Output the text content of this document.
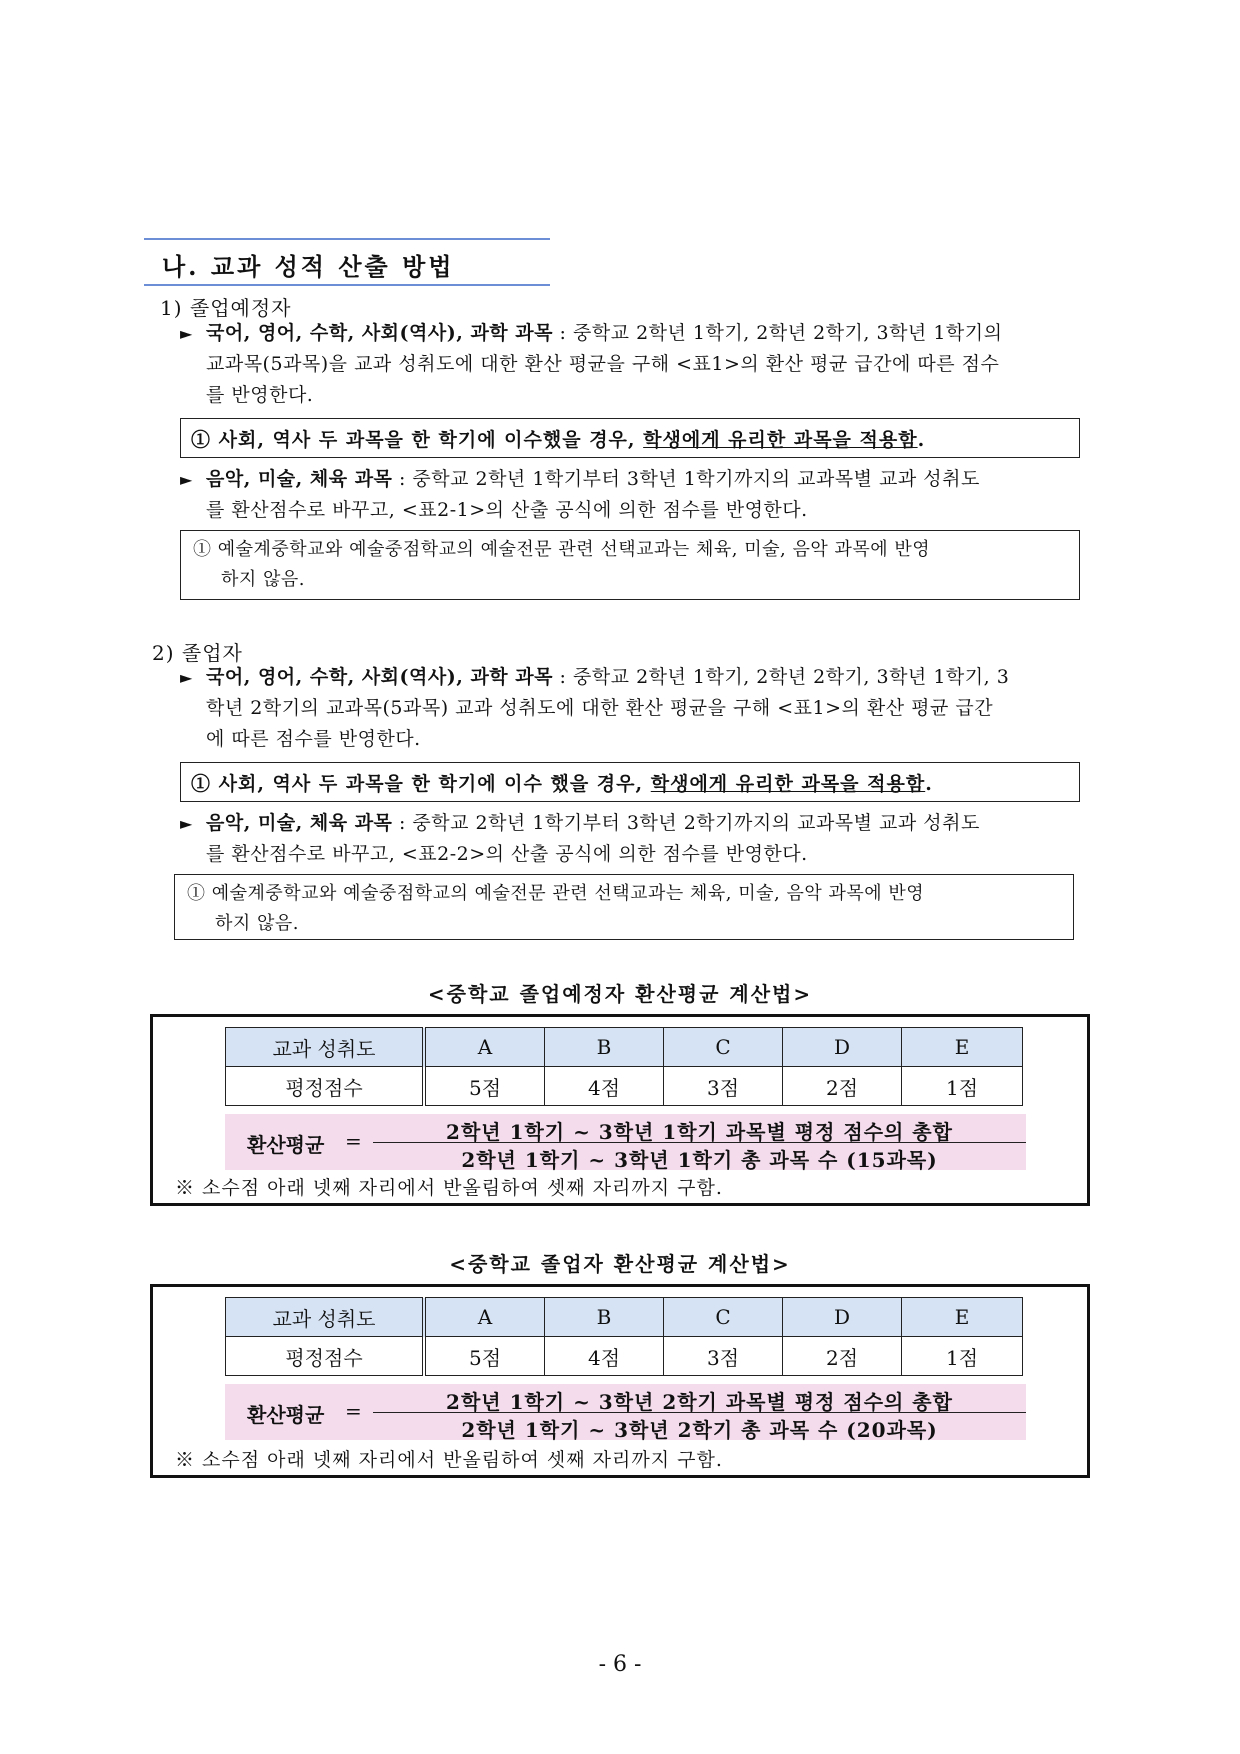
나. 교과 성적 산출 방법
1) 졸업예정자
► 국어, 영어, 수학, 사회(역사), 과학 과목 : 중학교 2학년 1학기, 2학년 2학기, 3학년 1학기의
교과목(5과목)을 교과 성취도에 대한 환산 평균을 구해 <표1>의 환산 평균 급간에 따른 점수
를 반영한다.
① 사회, 역사 두 과목을 한 학기에 이수했을 경우, 학생에게 유리한 과목을 적용함.
► 음악, 미술, 체육 과목 : 중학교 2학년 1학기부터 3학년 1학기까지의 교과목별 교과 성취도
를 환산점수로 바꾸고, <표2-1>의 산출 공식에 의한 점수를 반영한다.
① 예술계중학교와 예술중점학교의 예술전문 관련 선택교과는 체육, 미술, 음악 과목에 반영
하지 않음.
2) 졸업자
► 국어, 영어, 수학, 사회(역사), 과학 과목 : 중학교 2학년 1학기, 2학년 2학기, 3학년 1학기, 3
학년 2학기의 교과목(5과목) 교과 성취도에 대한 환산 평균을 구해 <표1>의 환산 평균 급간
에 따른 점수를 반영한다.
① 사회, 역사 두 과목을 한 학기에 이수 했을 경우, 학생에게 유리한 과목을 적용함.
► 음악, 미술, 체육 과목 : 중학교 2학년 1학기부터 3학년 2학기까지의 교과목별 교과 성취도
를 환산점수로 바꾸고, <표2-2>의 산출 공식에 의한 점수를 반영한다.
① 예술계중학교와 예술중점학교의 예술전문 관련 선택교과는 체육, 미술, 음악 과목에 반영
하지 않음.
<중학교 졸업예정자 환산평균 계산법>
교과 성취도	A	B	C	D	E
평정점수	5점	4점	3점	2점	1점
환산평균 =	2학년 1학기 ~ 3학년 1학기 과목별 평정 점수의 총합
2학년 1학기 ~ 3학년 1학기 총 과목 수 (15과목)
※ 소수점 아래 넷째 자리에서 반올림하여 셋째 자리까지 구함.
<중학교 졸업자 환산평균 계산법>
교과 성취도	A	B	C	D	E
평정점수	5점	4점	3점	2점	1점
환산평균 =	2학년 1학기 ~ 3학년 2학기 과목별 평정 점수의 총합
2학년 1학기 ~ 3학년 2학기 총 과목 수 (20과목)
※ 소수점 아래 넷째 자리에서 반올림하여 셋째 자리까지 구함.
- 6 -
